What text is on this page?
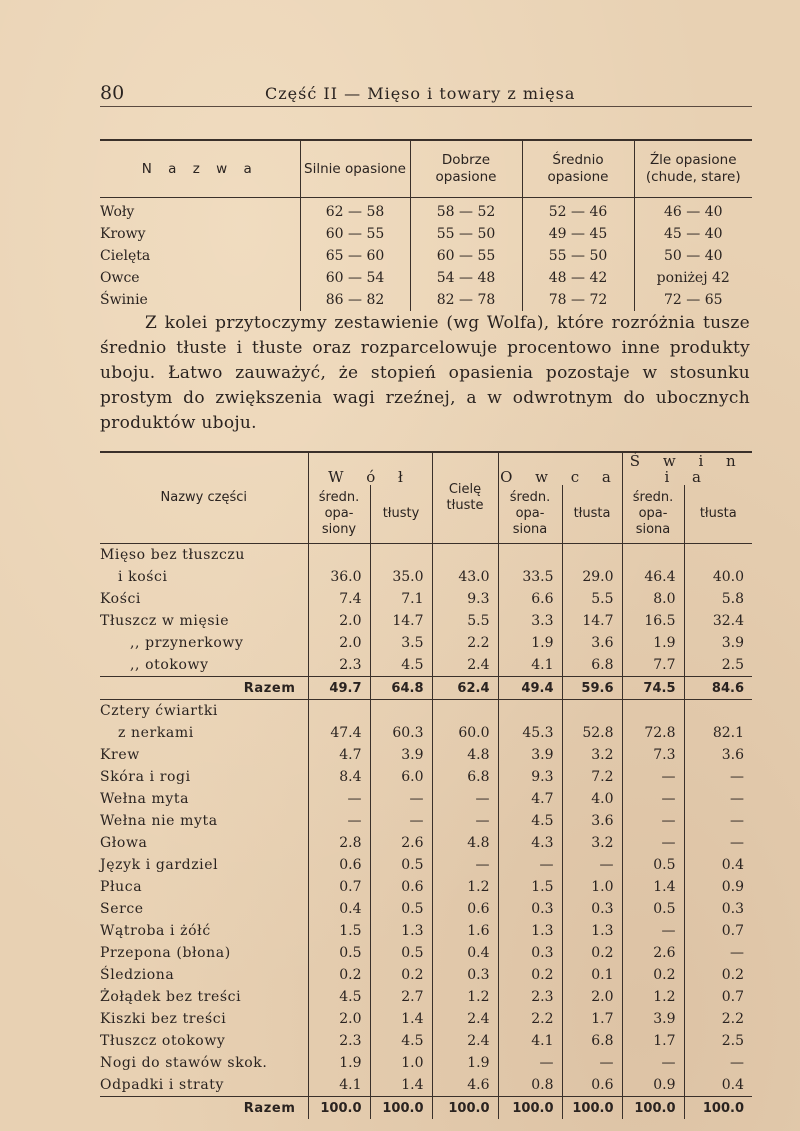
80	Część II — Mięso i towary z mięsa
N a z w a	Silnie opasione	Dobrze opasione	Średnio opasione	Źle opasione (chude, stare)
Woły	62 — 58	58 — 52	52 — 46	46 — 40
Krowy	60 — 55	55 — 50	49 — 45	45 — 40
Cielęta	65 — 60	60 — 55	55 — 50	50 — 40
Owce	60 — 54	54 — 48	48 — 42	poniżej 42
Świnie	86 — 82	82 — 78	78 — 72	72 — 65

Z kolei przytoczymy zestawienie (wg Wolfa), które rozróżnia tusze średnio tłuste i tłuste oraz rozparcelowuje procentowo inne produkty uboju. Łatwo zauważyć, że stopień opasienia pozostaje w stosunku prostym do zwiększenia wagi rzeźnej, a w odwrotnym do ubocznych produktów uboju.

Nazwy części	W ó ł		Cielę tłuste	O w c a		Ś w i n i a	
	średn. opa- siony	tłusty		średn. opa- siona	tłusta	średn. opa- siona	tłusta
Mięso bez tłuszczu							
i kości	36.0	35.0	43.0	33.5	29.0	46.4	40.0
Kości	7.4	7.1	9.3	6.6	5.5	8.0	5.8
Tłuszcz w mięsie	2.0	14.7	5.5	3.3	14.7	16.5	32.4
,, przynerkowy	2.0	3.5	2.2	1.9	3.6	1.9	3.9
,, otokowy	2.3	4.5	2.4	4.1	6.8	7.7	2.5
Razem	49.7	64.8	62.4	49.4	59.6	74.5	84.6
Cztery ćwiartki							
z nerkami	47.4	60.3	60.0	45.3	52.8	72.8	82.1
Krew	4.7	3.9	4.8	3.9	3.2	7.3	3.6
Skóra i rogi	8.4	6.0	6.8	9.3	7.2	—	—
Wełna myta	—	—	—	4.7	4.0	—	—
Wełna nie myta	—	—	—	4.5	3.6	—	—
Głowa	2.8	2.6	4.8	4.3	3.2	—	—
Język i gardziel	0.6	0.5	—	—	—	0.5	0.4
Płuca	0.7	0.6	1.2	1.5	1.0	1.4	0.9
Serce	0.4	0.5	0.6	0.3	0.3	0.5	0.3
Wątroba i żółć	1.5	1.3	1.6	1.3	1.3	—	0.7
Przepona (błona)	0.5	0.5	0.4	0.3	0.2	2.6	—
Śledziona	0.2	0.2	0.3	0.2	0.1	0.2	0.2
Żołądek bez treści	4.5	2.7	1.2	2.3	2.0	1.2	0.7
Kiszki bez treści	2.0	1.4	2.4	2.2	1.7	3.9	2.2
Tłuszcz otokowy	2.3	4.5	2.4	4.1	6.8	1.7	2.5
Nogi do stawów skok.	1.9	1.0	1.9	—	—	—	—
Odpadki i straty	4.1	1.4	4.6	0.8	0.6	0.9	0.4
Razem	100.0	100.0	100.0	100.0	100.0	100.0	100.0
